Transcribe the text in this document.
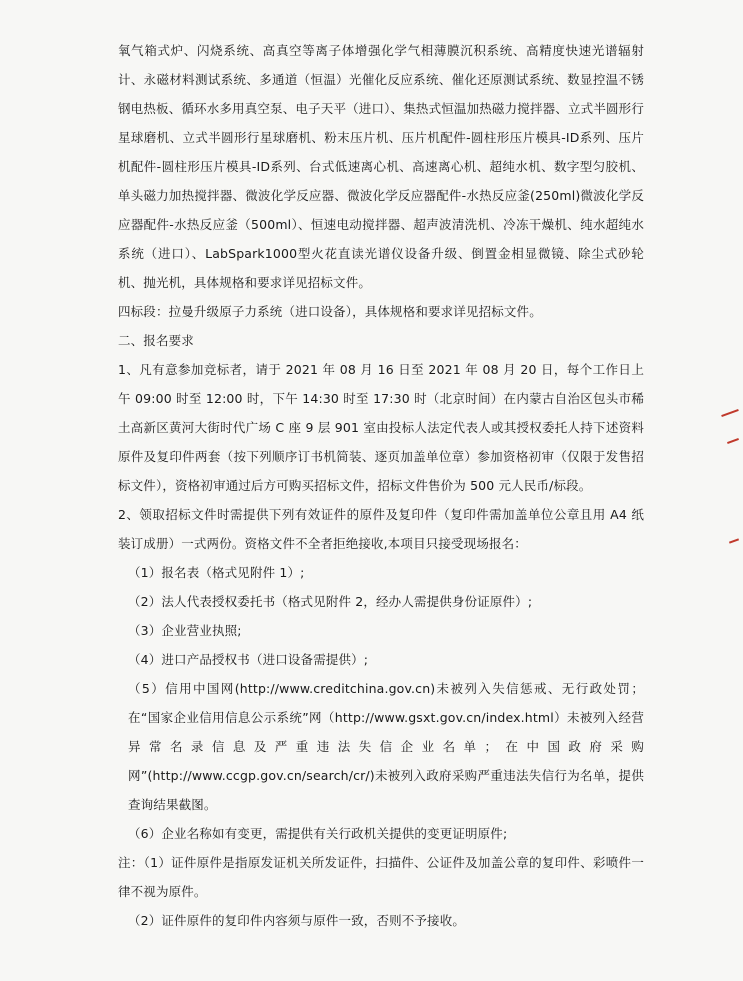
氧气箱式炉、闪烧系统、高真空等离子体增强化学气相薄膜沉积系统、高精度快速光谱辐射计、永磁材料测试系统、多通道（恒温）光催化反应系统、催化还原测试系统、数显控温不锈钢电热板、循环水多用真空泵、电子天平（进口）、集热式恒温加热磁力搅拌器、立式半圆形行星球磨机、立式半圆形行星球磨机、粉末压片机、压片机配件-圆柱形压片模具-ID系列、压片机配件-圆柱形压片模具-ID系列、台式低速离心机、高速离心机、超纯水机、数字型匀胶机、单头磁力加热搅拌器、微波化学反应器、微波化学反应器配件-水热反应釜(250ml)微波化学反应器配件-水热反应釜（500ml）、恒速电动搅拌器、超声波清洗机、冷冻干燥机、纯水超纯水系统（进口）、LabSpark1000型火花直读光谱仪设备升级、倒置金相显微镜、除尘式砂轮机、抛光机，具体规格和要求详见招标文件。

四标段：拉曼升级原子力系统（进口设备），具体规格和要求详见招标文件。

二、报名要求

1、凡有意参加竞标者，请于 2021 年 08 月 16 日至 2021 年 08 月 20 日，每个工作日上午 09:00 时至 12:00 时，下午 14:30 时至 17:30 时（北京时间）在内蒙古自治区包头市稀土高新区黄河大街时代广场 C 座 9 层 901 室由投标人法定代表人或其授权委托人持下述资料原件及复印件两套（按下列顺序订书机简装、逐页加盖单位章）参加资格初审（仅限于发售招标文件），资格初审通过后方可购买招标文件，招标文件售价为 500 元人民币/标段。

2、领取招标文件时需提供下列有效证件的原件及复印件（复印件需加盖单位公章且用 A4 纸装订成册）一式两份。资格文件不全者拒绝接收,本项目只接受现场报名：

（1）报名表（格式见附件 1）;

（2）法人代表授权委托书（格式见附件 2，经办人需提供身份证原件）;

（3）企业营业执照;

（4）进口产品授权书（进口设备需提供）;

（5）信用中国网(http://www.creditchina.gov.cn)未被列入失信惩戒、无行政处罚；在“国家企业信用信息公示系统”网（http://www.gsxt.gov.cn/index.html）未被列入经营异常名录信息及严重违法失信企业名单；在中国政府采购网”(http://www.ccgp.gov.cn/search/cr/)未被列入政府采购严重违法失信行为名单，提供查询结果截图。

（6）企业名称如有变更，需提供有关行政机关提供的变更证明原件;

注：（1）证件原件是指原发证机关所发证件，扫描件、公证件及加盖公章的复印件、彩喷件一律不视为原件。

（2）证件原件的复印件内容须与原件一致，否则不予接收。
